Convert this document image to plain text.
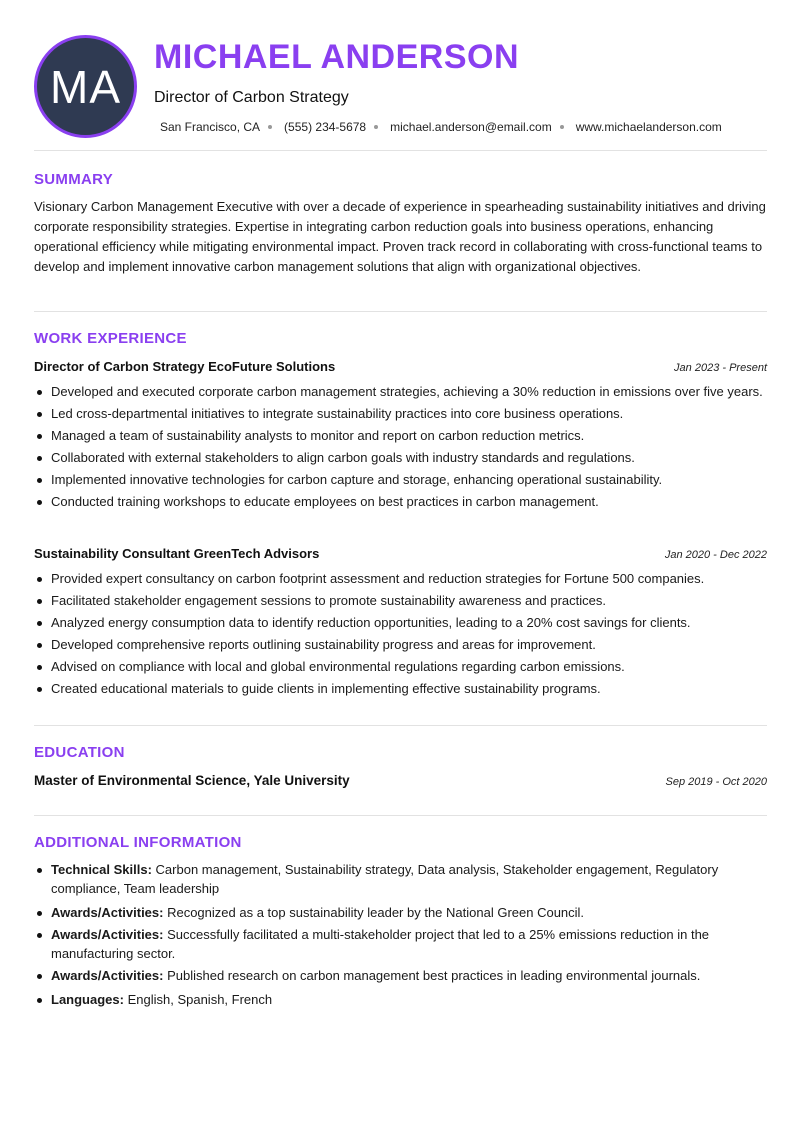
MA
MICHAEL ANDERSON
Director of Carbon Strategy
San Francisco, CA (555) 234-5678 michael.anderson@email.com www.michaelanderson.com
SUMMARY

Visionary Carbon Management Executive with over a decade of experience in spearheading sustainability initiatives and driving corporate responsibility strategies. Expertise in integrating carbon reduction goals into business operations, enhancing operational efficiency while mitigating environmental impact. Proven track record in collaborating with cross-functional teams to develop and implement innovative carbon management solutions that align with organizational objectives.

WORK EXPERIENCE
Director of Carbon Strategy EcoFuture Solutions	Jan 2023 - Present
Developed and executed corporate carbon management strategies, achieving a 30% reduction in emissions over five years.
Led cross-departmental initiatives to integrate sustainability practices into core business operations.
Managed a team of sustainability analysts to monitor and report on carbon reduction metrics.
Collaborated with external stakeholders to align carbon goals with industry standards and regulations.
Implemented innovative technologies for carbon capture and storage, enhancing operational sustainability.
Conducted training workshops to educate employees on best practices in carbon management.
Sustainability Consultant GreenTech Advisors	Jan 2020 - Dec 2022
Provided expert consultancy on carbon footprint assessment and reduction strategies for Fortune 500 companies.
Facilitated stakeholder engagement sessions to promote sustainability awareness and practices.
Analyzed energy consumption data to identify reduction opportunities, leading to a 20% cost savings for clients.
Developed comprehensive reports outlining sustainability progress and areas for improvement.
Advised on compliance with local and global environmental regulations regarding carbon emissions.
Created educational materials to guide clients in implementing effective sustainability programs.
EDUCATION
Master of Environmental Science, Yale University	Sep 2019 - Oct 2020
ADDITIONAL INFORMATION
Technical Skills: Carbon management, Sustainability strategy, Data analysis, Stakeholder engagement, Regulatory compliance, Team leadership
Awards/Activities: Recognized as a top sustainability leader by the National Green Council.
Awards/Activities: Successfully facilitated a multi-stakeholder project that led to a 25% emissions reduction in the manufacturing sector.
Awards/Activities: Published research on carbon management best practices in leading environmental journals.
Languages: English, Spanish, French
